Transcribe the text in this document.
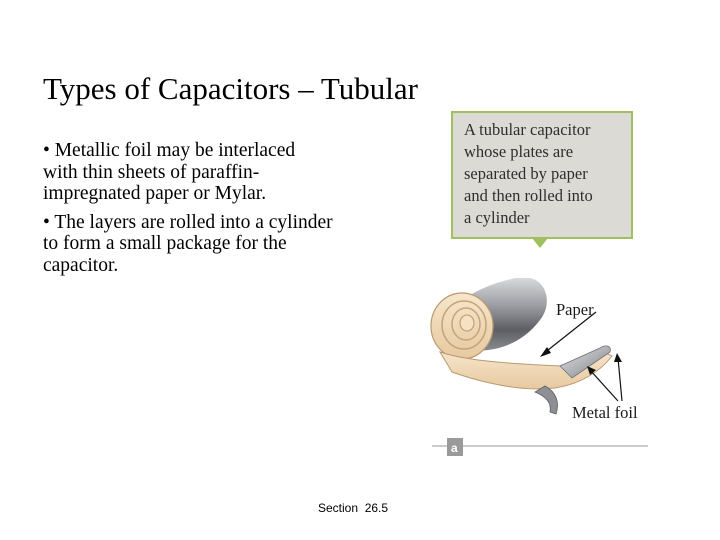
Types of Capacitors – Tubular
• Metallic foil may be interlaced with thin sheets of paraffin-impregnated paper or Mylar.
• The layers are rolled into a cylinder to form a small package for the capacitor.
A tubular capacitor
whose plates are
separated by paper
and then rolled into
a cylinder
Paper
Metal foil
a
Section  26.5
